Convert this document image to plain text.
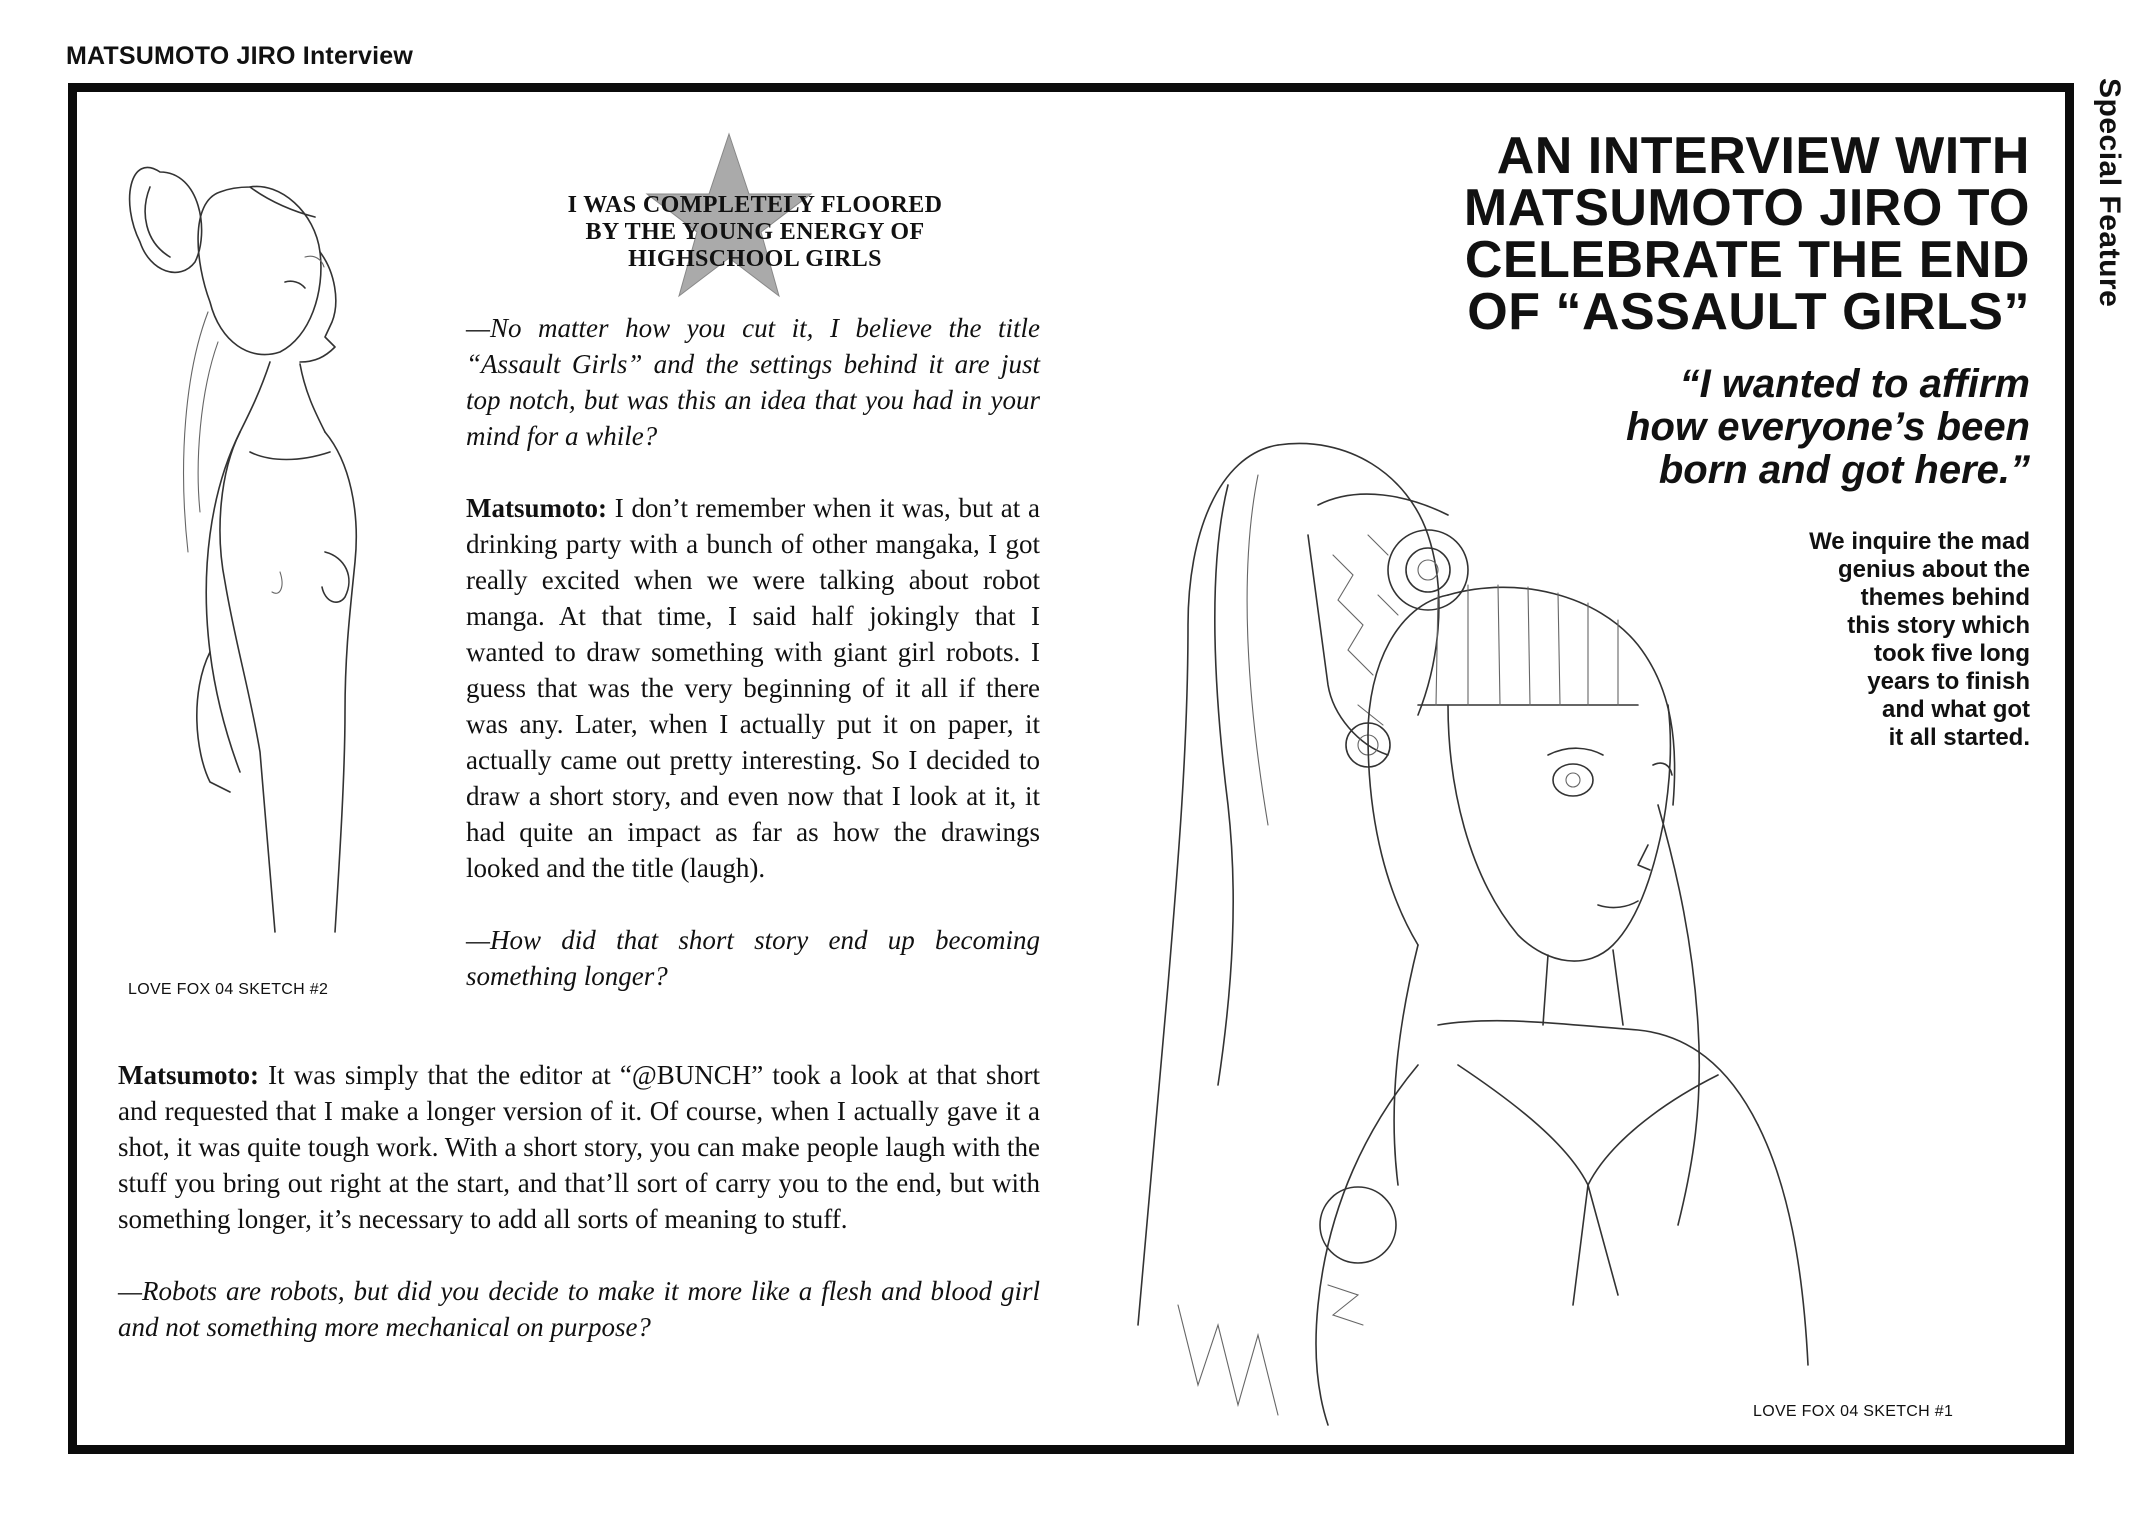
MATSUMOTO JIRO Interview
Special Feature
I WAS COMPLETELY FLOORED
BY THE YOUNG ENERGY OF
HIGHSCHOOL GIRLS

—No matter how you cut it, I believe the title “Assault Girls” and the settings behind it are just top notch, but was this an idea that you had in your mind for a while?

Matsumoto: I don’t remember when it was, but at a drinking party with a bunch of other mangaka, I got really excited when we were talking about robot manga. At that time, I said half jokingly that I wanted to draw something with giant girl robots. I guess that was the very beginning of it all if there was any. Later, when I actually put it on paper, it actually came out pretty interesting. So I decided to draw a short story, and even now that I look at it, it had quite an impact as far as how the drawings looked and the title (laugh).

—How did that short story end up becoming something longer?

Matsumoto: It was simply that the editor at “@BUNCH” took a look at that short and requested that I make a longer version of it. Of course, when I actually gave it a shot, it was quite tough work. With a short story, you can make people laugh with the stuff you bring out right at the start, and that’ll sort of carry you to the end, but with something longer, it’s necessary to add all sorts of meaning to stuff.

—Robots are robots, but did you decide to make it more like a flesh and blood girl and not something more mechanical on purpose?

LOVE FOX 04 SKETCH #2
AN INTERVIEW WITH
MATSUMOTO JIRO TO
CELEBRATE THE END
OF “ASSAULT GIRLS”
“I wanted to affirm
how everyone’s been
born and got here.”
We inquire the mad
genius about the
themes behind
this story which
took five long
years to finish
and what got
it all started.
LOVE FOX 04 SKETCH #1
